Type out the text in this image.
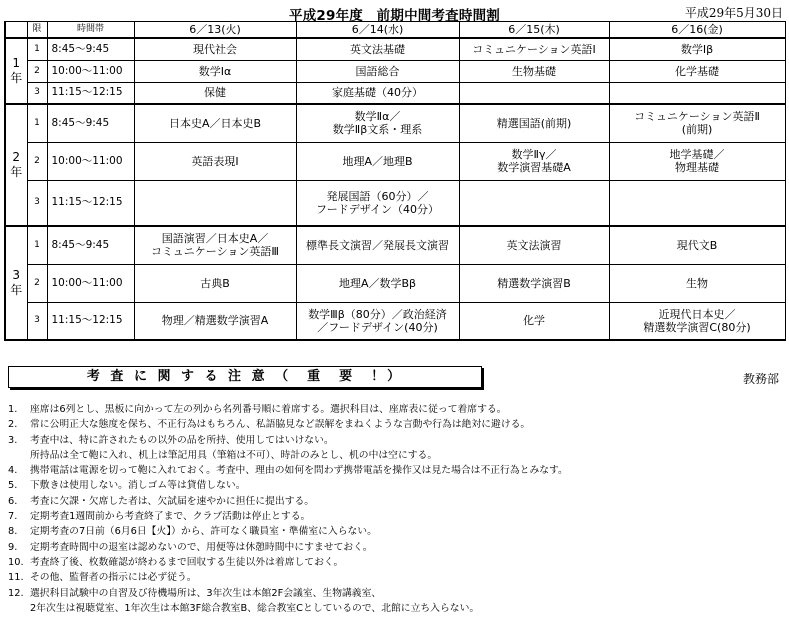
平成29年度　前期中間考査時間割	平成29年5月30日
	限	時間帯	6／13(火)	6／14(水)	6／15(木)	6／16(金)
1
年	1	8:45～9:45	現代社会	英文法基礎	コミュニケーション英語Ⅰ	数学Ⅰβ
	2	10:00～11:00	数学Ⅰα	国語総合	生物基礎	化学基礎
	3	11:15～12:15	保健	家庭基礎（40分）		
2
年	1	8:45～9:45	日本史A／日本史B	数学Ⅱα／
数学Ⅱβ文系・理系	精選国語(前期)	コミュニケーション英語Ⅱ
(前期)
	2	10:00～11:00	英語表現Ⅰ	地理A／地理B	数学Ⅱγ／
数学演習基礎A	地学基礎／
物理基礎
	3	11:15～12:15		発展国語（60分）／
フードデザイン（40分）		
3
年	1	8:45～9:45	国語演習／日本史A／
コミュニケーション英語Ⅲ	標準長文演習／発展長文演習	英文法演習	現代文B
	2	10:00～11:00	古典B	地理A／数学Bβ	精選数学演習B	生物
	3	11:15～12:15	物理／精選数学演習A	数学Ⅲβ（80分）／政治経済
／フードデザイン(40分)	化学	近現代日本史／
精選数学演習C(80分)
考 査 に 関 す る 注 意 （　重　要　！）	教務部
1. 座席は6列とし、黒板に向かって左の列から名列番号順に着席する。選択科目は、座席表に従って着席する。
2. 常に公明正大な態度を保ち、不正行為はもちろん、私語脇見など誤解をまねくような言動や行為は絶対に避ける。
3. 考査中は、特に許されたもの以外の品を所持、使用してはいけない。
所持品は全て鞄に入れ、机上は筆記用具（筆箱は不可）、時計のみとし、机の中は空にする。
4. 携帯電話は電源を切って鞄に入れておく。考査中、理由の如何を問わず携帯電話を操作又は見た場合は不正行為とみなす。
5. 下敷きは使用しない。消しゴム等は貸借しない。
6. 考査に欠課・欠席した者は、欠試届を速やかに担任に提出する。
7. 定期考査1週間前から考査終了まで、クラブ活動は停止とする。
8. 定期考査の7日前（6月6日【火】）から、許可なく職員室・準備室に入らない。
9. 定期考査時間中の退室は認めないので、用便等は休憩時間中にすませておく。
10. 考査終了後、枚数確認が終わるまで回収する生徒以外は着席しておく。
11. その他、監督者の指示には必ず従う。
12. 選択科目試験中の自習及び待機場所は、3年次生は本館2F会議室、生物講義室、
2年次生は視聴覚室、1年次生は本館3F総合教室B、総合教室Cとしているので、北館に立ち入らない。
